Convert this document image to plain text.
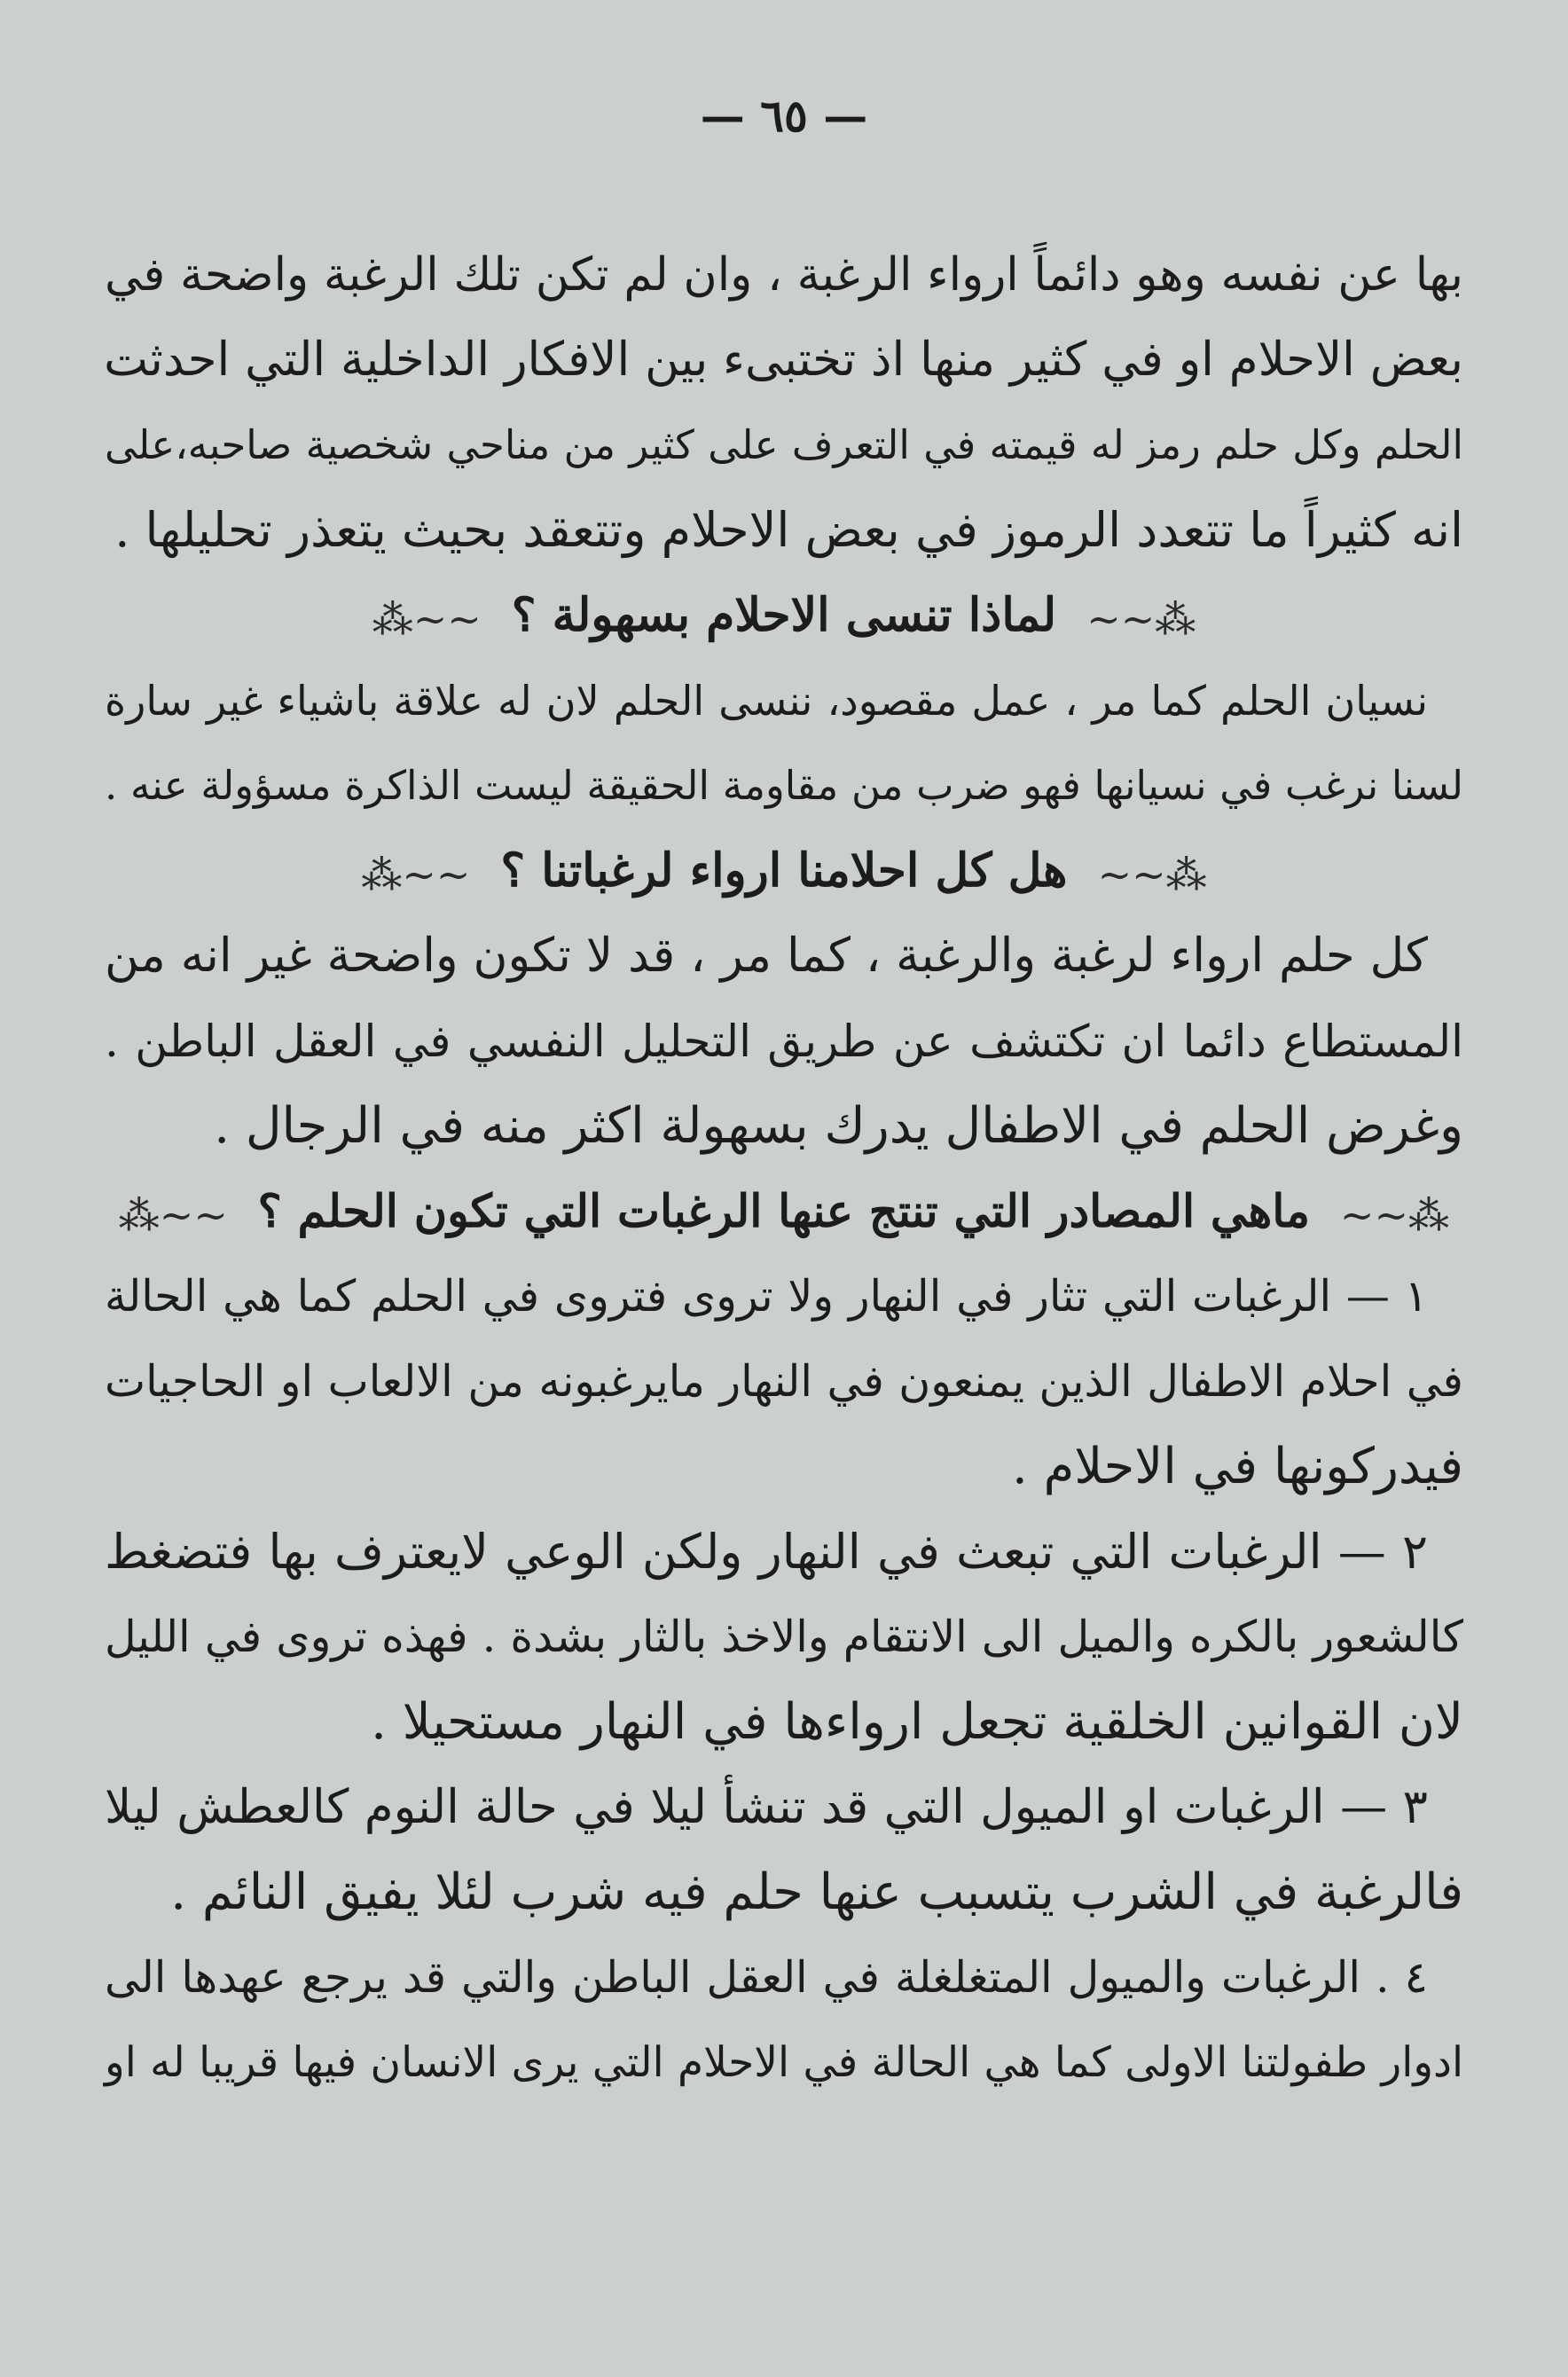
— ٦٥ —
بها عن نفسه وهو دائماً ارواء الرغبة ، وان لم تكن تلك الرغبة واضحة في
بعض الاحلام او في كثير منها اذ تختبىء بين الافكار الداخلية التي احدثت
الحلم وكل حلم رمز له قيمته في التعرف على كثير من مناحي شخصية صاحبه،على
انه كثيراً ما تتعدد الرموز في بعض الاحلام وتتعقد بحيث يتعذر تحليلها .
⁂~~ لماذا تنسى الاحلام بسهولة ؟ ~~⁂
نسيان الحلم كما مر ، عمل مقصود، ننسى الحلم لان له علاقة باشياء غير سارة
لسنا نرغب في نسيانها فهو ضرب من مقاومة الحقيقة ليست الذاكرة مسؤولة عنه .
⁂~~ هل كل احلامنا ارواء لرغباتنا ؟ ~~⁂
كل حلم ارواء لرغبة والرغبة ، كما مر ، قد لا تكون واضحة غير انه من
المستطاع دائما ان تكتشف عن طريق التحليل النفسي في العقل الباطن .
وغرض الحلم في الاطفال يدرك بسهولة اكثر منه في الرجال .
⁂~~ ماهي المصادر التي تنتج عنها الرغبات التي تكون الحلم ؟ ~~⁂
١ — الرغبات التي تثار في النهار ولا تروى فتروى في الحلم كما هي الحالة
في احلام الاطفال الذين يمنعون في النهار مايرغبونه من الالعاب او الحاجيات
فيدركونها في الاحلام .
٢ — الرغبات التي تبعث في النهار ولكن الوعي لايعترف بها فتضغط
كالشعور بالكره والميل الى الانتقام والاخذ بالثار بشدة . فهذه تروى في الليل
لان القوانين الخلقية تجعل ارواءها في النهار مستحيلا .
٣ — الرغبات او الميول التي قد تنشأ ليلا في حالة النوم كالعطش ليلا
فالرغبة في الشرب يتسبب عنها حلم فيه شرب لئلا يفيق النائم .
٤ . الرغبات والميول المتغلغلة في العقل الباطن والتي قد يرجع عهدها الى
ادوار طفولتنا الاولى كما هي الحالة في الاحلام التي يرى الانسان فيها قريبا له او
